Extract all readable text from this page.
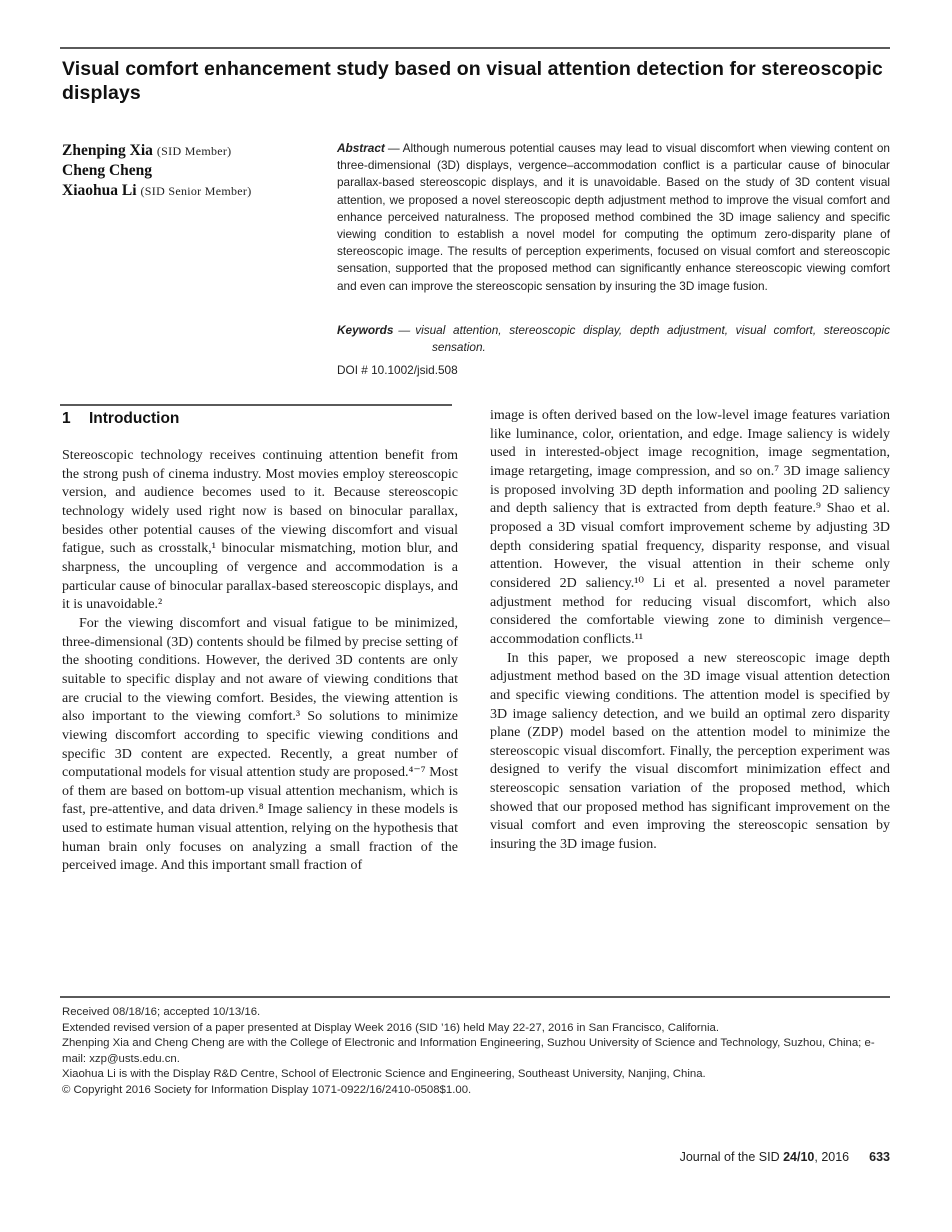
Visual comfort enhancement study based on visual attention detection for stereoscopic displays
Zhenping Xia (SID Member)
Cheng Cheng
Xiaohua Li (SID Senior Member)
Abstract — Although numerous potential causes may lead to visual discomfort when viewing content on three-dimensional (3D) displays, vergence–accommodation conflict is a particular cause of binocular parallax-based stereoscopic displays, and it is unavoidable. Based on the study of 3D content visual attention, we proposed a novel stereoscopic depth adjustment method to improve the visual comfort and enhance perceived naturalness. The proposed method combined the 3D image saliency and specific viewing condition to establish a novel model for computing the optimum zero-disparity plane of stereoscopic image. The results of perception experiments, focused on visual comfort and stereoscopic sensation, supported that the proposed method can significantly enhance stereoscopic viewing comfort and even can improve the stereoscopic sensation by insuring the 3D image fusion.
Keywords — visual attention, stereoscopic display, depth adjustment, visual comfort, stereoscopic sensation.
DOI # 10.1002/jsid.508
1 Introduction

Stereoscopic technology receives continuing attention benefit from the strong push of cinema industry. Most movies employ stereoscopic version, and audience becomes used to it. Because stereoscopic technology widely used right now is based on binocular parallax, besides other potential causes of the viewing discomfort and visual fatigue, such as crosstalk,¹ binocular mismatching, motion blur, and sharpness, the uncoupling of vergence and accommodation is a particular cause of binocular parallax-based stereoscopic displays, and it is unavoidable.²

For the viewing discomfort and visual fatigue to be minimized, three-dimensional (3D) contents should be filmed by precise setting of the shooting conditions. However, the derived 3D contents are only suitable to specific display and not aware of viewing conditions that are crucial to the viewing comfort. Besides, the viewing attention is also important to the viewing comfort.³ So solutions to minimize viewing discomfort according to specific viewing conditions and specific 3D content are expected. Recently, a great number of computational models for visual attention study are proposed.⁴⁻⁷ Most of them are based on bottom-up visual attention mechanism, which is fast, pre-attentive, and data driven.⁸ Image saliency in these models is used to estimate human visual attention, relying on the hypothesis that human brain only focuses on analyzing a small fraction of the perceived image. And this important small fraction of

image is often derived based on the low-level image features variation like luminance, color, orientation, and edge. Image saliency is widely used in interested-object image recognition, image segmentation, image retargeting, image compression, and so on.⁷ 3D image saliency is proposed involving 3D depth information and pooling 2D saliency and depth saliency that is extracted from depth feature.⁹ Shao et al. proposed a 3D visual comfort improvement scheme by adjusting 3D depth considering spatial frequency, disparity response, and visual attention. However, the visual attention in their scheme only considered 2D saliency.¹⁰ Li et al. presented a novel parameter adjustment method for reducing visual discomfort, which also considered the comfortable viewing zone to diminish vergence–accommodation conflicts.¹¹

In this paper, we proposed a new stereoscopic image depth adjustment method based on the 3D image visual attention detection and specific viewing conditions. The attention model is specified by 3D image saliency detection, and we build an optimal zero disparity plane (ZDP) model based on the attention model to minimize the stereoscopic visual discomfort. Finally, the perception experiment was designed to verify the visual discomfort minimization effect and stereoscopic sensation variation of the proposed method, which showed that our proposed method has significant improvement on the visual comfort and even improving the stereoscopic sensation by insuring the 3D image fusion.

Received 08/18/16; accepted 10/13/16.

Extended revised version of a paper presented at Display Week 2016 (SID ’16) held May 22-27, 2016 in San Francisco, California.

Zhenping Xia and Cheng Cheng are with the College of Electronic and Information Engineering, Suzhou University of Science and Technology, Suzhou, China; e-mail: xzp@usts.edu.cn.

Xiaohua Li is with the Display R&D Centre, School of Electronic Science and Engineering, Southeast University, Nanjing, China.

© Copyright 2016 Society for Information Display 1071-0922/16/2410-0508$1.00.

Journal of the SID 24/10, 2016 633
